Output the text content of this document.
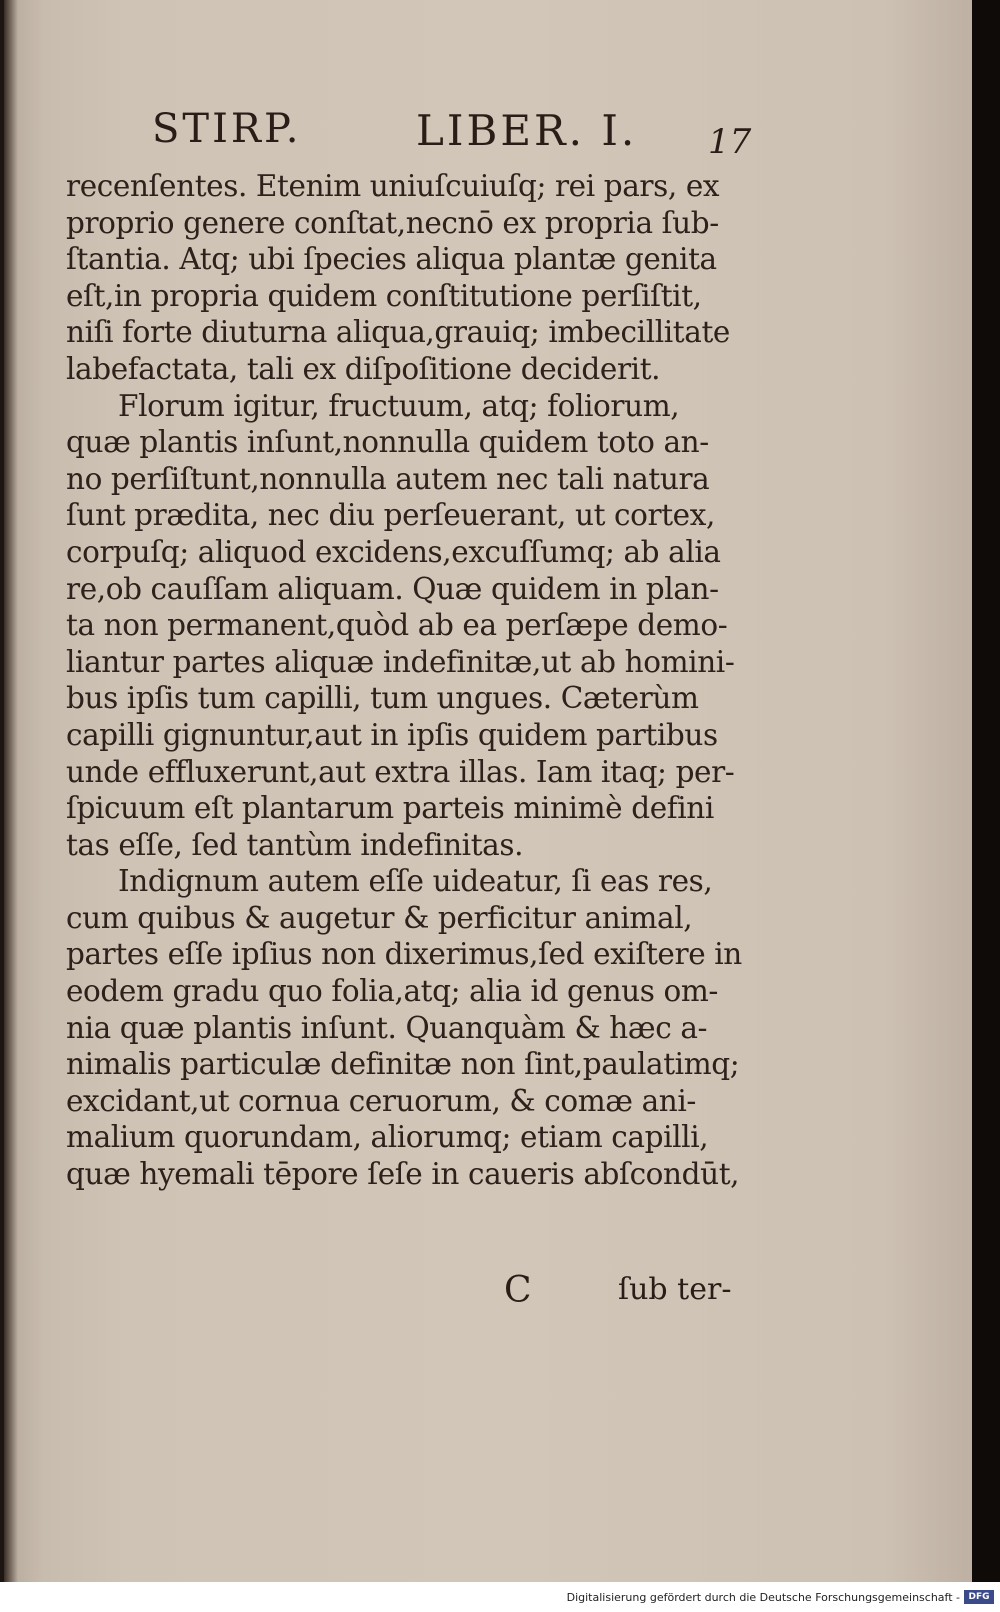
STIRP.	LIBER. I. 17
recenſentes. Etenim uniuſcuiuſq; rei pars, ex
proprio genere conſtat,necnō ex propria ſub-
ſtantia. Atq; ubi ſpecies aliqua plantæ genita
eſt,in propria quidem conſtitutione perſiſtit,
niſi forte diuturna aliqua,grauiq; imbecillitate
labefactata, tali ex diſpoſitione deciderit.
Florum igitur, fructuum, atq; foliorum,
quæ plantis inſunt,nonnulla quidem toto an-
no perſiſtunt,nonnulla autem nec tali natura
ſunt prædita, nec diu perſeuerant, ut cortex,
corpuſq; aliquod excidens,excuſſumq; ab alia
re,ob cauſſam aliquam. Quæ quidem in plan-
ta non permanent,quòd ab ea perſæpe demo-
liantur partes aliquæ indefinitæ,ut ab homini-
bus ipſis tum capilli, tum ungues. Cæterùm
capilli gignuntur,aut in ipſis quidem partibus
unde effluxerunt,aut extra illas. Iam itaq; per-
ſpicuum eſt plantarum parteis minimè defini
tas eſſe, ſed tantùm indefinitas.
Indignum autem eſſe uideatur, ſi eas res,
cum quibus & augetur & perficitur animal,
partes eſſe ipſius non dixerimus,ſed exiſtere in
eodem gradu quo folia,atq; alia id genus om-
nia quæ plantis inſunt. Quanquàm & hæc a-
nimalis particulæ definitæ non ſint,paulatimq;
excidant,ut cornua ceruorum, & comæ ani-
malium quorundam, aliorumq; etiam capilli,
quæ hyemali tēpore ſeſe in caueris abſcondūt,
C	ſub ter-
Digitalisierung gefördert durch die Deutsche Forschungsgemeinschaft - DFG
